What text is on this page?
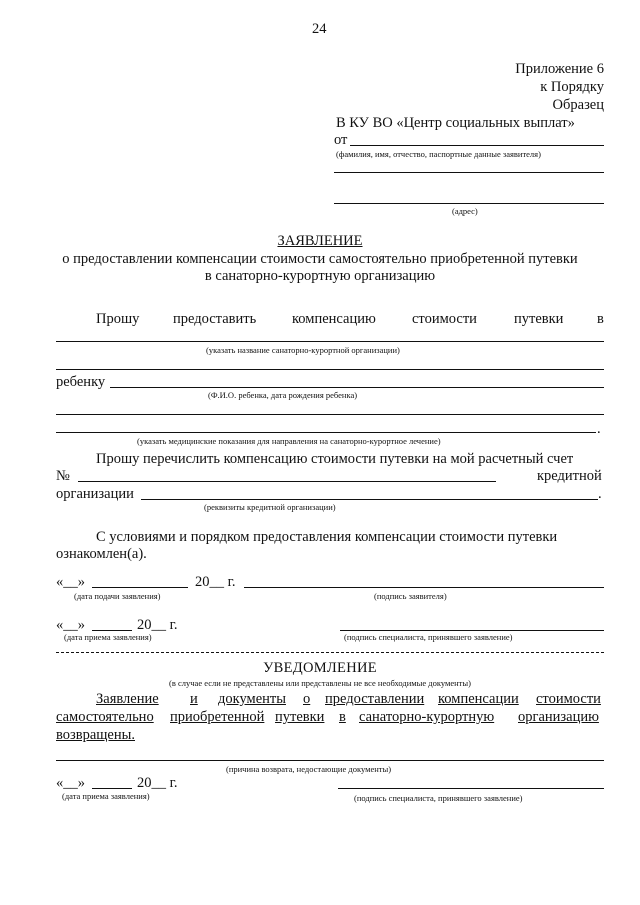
24
Приложение 6
к Порядку
Образец
В КУ ВО «Центр социальных выплат»
от
(фамилия, имя, отчество, паспортные данные заявителя)
(адрес)
ЗАЯВЛЕНИЕ
о предоставлении компенсации стоимости самостоятельно приобретенной путевки
в санаторно-курортную организацию
Прошу предоставить компенсацию стоимости	путевки в
(указать название санаторно-курортной организации)
ребенку
(Ф.И.О. ребенка, дата рождения ребенка)
.
(указать медицинские показания для направления на санаторно-курортное лечение)
Прошу перечислить компенсацию стоимости путевки на мой расчетный счет
№	кредитной
организации	.
(реквизиты кредитной организации)
С условиями и порядком предоставления компенсации стоимости путевки
ознакомлен(а).
«__»	20__ г.
(дата подачи заявления)	(подпись заявителя)
«__»	20__ г.
(дата приема заявления)	(подпись специалиста, принявшего заявление)
УВЕДОМЛЕНИЕ
(в случае если не представлены или представлены не все необходимые документы)
Заявление и документы о предоставлении компенсации стоимости
самостоятельно приобретенной путевки в санаторно-курортную организацию
возвращены.
(причина возврата, недостающие документы)
«__»	20__ г.
(дата приема заявления)	(подпись специалиста, принявшего заявление)
